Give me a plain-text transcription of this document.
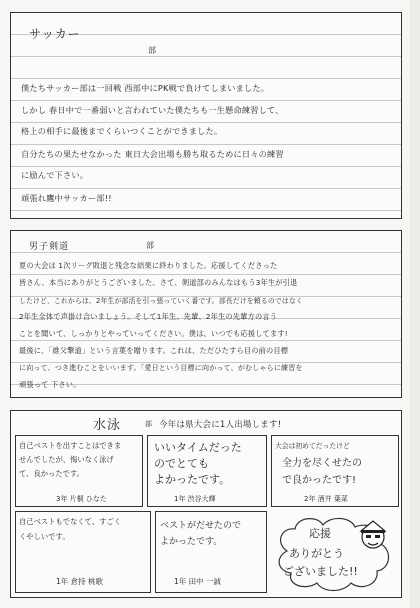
サッカー
部
僕たちサッカー部は一回戦 西部中にPK戦で負けてしまいました。
しかし 春日中で一番弱いと言われていた僕たちも一生懸命練習して、
格上の相手に最後までくらいつくことができました。
自分たちの果たせなかった 東日大会出場も勝ち取るために日々の練習
に励んで下さい。
頑張れ鷹中サッカー部!!
男子剣道	部
夏の大会は 1次リーグ敗退と残念な結果に終わりました。応援してくださった
皆さん、本当にありがとうございました。さて、剣道部のみんなはもう3年生が引退
したけど、これからは、2年生が部活を引っ張っていく番です。部長だけを頼るのではなく
2年生全体で声掛け合いましょう。そして1年生、先輩、2年生の先輩方の言う
ことを聞いて、しっかりとやっていってください。僕は、いつでも応援してます!
最後に、「維父撃道」という言葉を贈ります。これは、ただひたすら目の前の目標
に向って、つき進むことをいいます。「愛日という目標に向かって、がむしゃらに練習を
頑張って 下さい。
水泳	部 今年は県大会に1人出場します!
自己ベストを出すことはできま
せんでしたが、悔いなく泳げ
て、良かったです。
3年 片桐 ひなた
いいタイムだった
のでとても
よかったです。
1年 渋谷大輝
大会は初めてだったけど
全力を尽くせたの
で良かったです!
2年 酒井 葉菜
自己ベストもでなくて、すごく
くやしいです。
1年 倉持 桃歌
ベストがだせたので
よかったです。
1年 田中 一誠
応援
ありがとう
ございました!!
